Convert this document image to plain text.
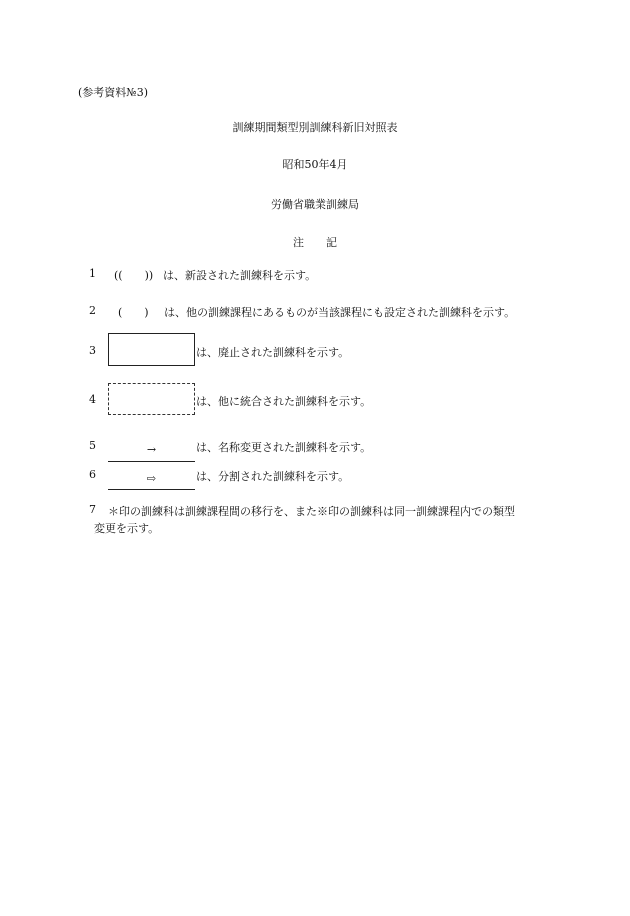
(参考資料№3)
訓練期間類型別訓練科新旧対照表
昭和50年4月
労働省職業訓練局
注　　記
1 ((　　)) は、新設された訓練科を示す。
2 (　　) は、他の訓練課程にあるものが当該課程にも設定された訓練科を示す。
3	は、廃止された訓練科を示す。
4	は、他に統合された訓練科を示す。
5	→	は、名称変更された訓練科を示す。
6	⇨	は、分割された訓練科を示す。
7 ＊印の訓練科は訓練課程間の移行を、また※印の訓練科は同一訓練課程内での類型
変更を示す。
